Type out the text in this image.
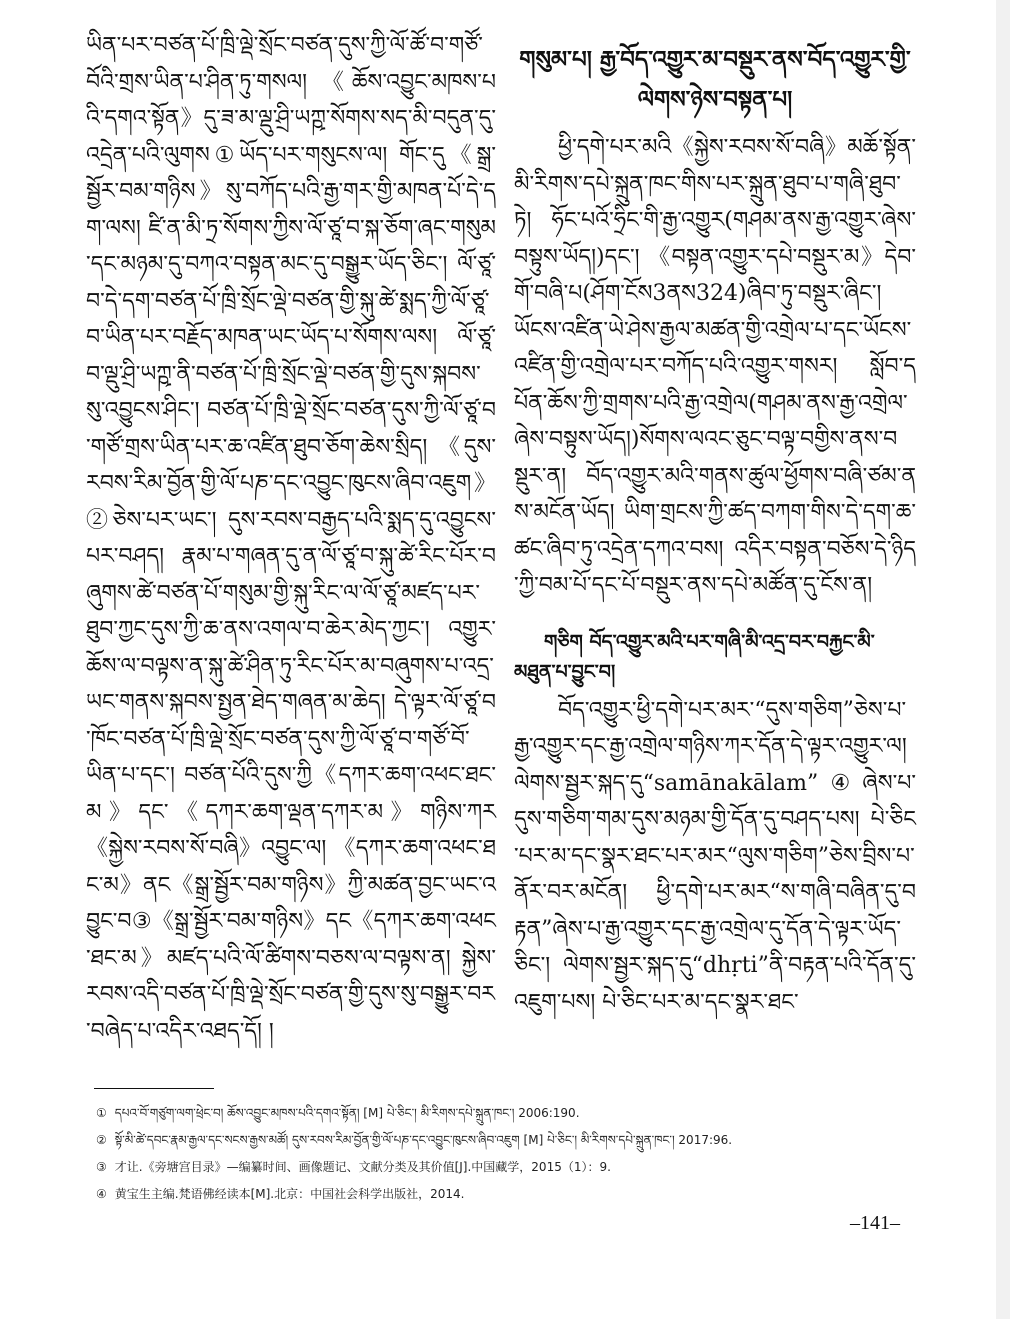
ཡིན་པར་བཙན་པོ་ཁྲི་ལྡེ་སྲོང་བཙན་དུས་ཀྱི་ལོ་ཚོ་བ་གཙོ་བོའི་གྲས་ཡིན་པ་ཤིན་ཏུ་གསལ། 《ཆོས་འབྱུང་མཁས་པའི་དགའ་སྟོན》དུ་ཟ་མ་ལྡུ་ཤྲི་ཡཀྵ་སོགས་སད་མི་བདུན་དུ་འདྲེན་པའི་ལུགས①ཡོད་པར་གསུངས་ལ། གོང་དུ《སྒྲ་སྦྱོར་བམ་གཉིས》སུ་བཀོད་པའི་རྒྱ་གར་གྱི་མཁན་པོ་དེ་དག་ལས། ཛི་ན་མི་ཏྲ་སོགས་ཀྱིས་ལོ་ཙཱ་བ་སྐ་ཅོག་ཞང་གསུམ་དང་མཉམ་དུ་བཀའ་བསྟན་མང་དུ་བསྒྱུར་ཡོད་ཅིང་། ལོ་ཙཱ་བ་དེ་དག་བཙན་པོ་ཁྲི་སྲོང་ལྡེ་བཙན་གྱི་སྐུ་ཚེ་སྨད་ཀྱི་ལོ་ཙཱ་བ་ཡིན་པར་བརྗོད་མཁན་ཡང་ཡོད་པ་སོགས་ལས། ལོ་ཙཱ་བ་ལྡུ་ཤྲི་ཡཀྵ་ནི་བཙན་པོ་ཁྲི་སྲོང་ལྡེ་བཙན་གྱི་དུས་སྐབས་སུ་འབྱུངས་ཤིང་། བཙན་པོ་ཁྲི་ལྡེ་སྲོང་བཙན་དུས་ཀྱི་ལོ་ཙཱ་བ་གཙོ་གྲས་ཡིན་པར་ཆ་འཛིན་ཐུབ་ཅོག་ཆེས་སྲིད། 《དུས་རབས་རིམ་བྱོན་གྱི་ལོ་པཎ་དང་འབྱུང་ཁུངས་ཞིབ་འཇུག》②ཅེས་པར་ཡང་། དུས་རབས་བརྒྱད་པའི་སྨད་དུ་འབྱུངས་པར་བཤད། རྣམ་པ་གཞན་དུ་ན་ལོ་ཙཱ་བ་སྐུ་ཚེ་རིང་པོར་བཞུགས་ཚེ་བཙན་པོ་གསུམ་གྱི་སྐུ་རིང་ལ་ལོ་ཙཱ་མཛད་པར་ཐུབ་ཀྱང་དུས་ཀྱི་ཆ་ནས་འགལ་བ་ཆེར་མེད་ཀྱང་། འགྱུར་ཆོས་ལ་བལྟས་ན་སྐུ་ཚེ་ཤིན་ཏུ་རིང་པོར་མ་བཞུགས་པ་འདྲ་ཡང་གནས་སྐབས་སྤྱན་ཐེད་གཞན་མ་ཆེད། དེ་ལྟར་ལོ་ཙཱ་བ་ཁོང་བཙན་པོ་ཁྲི་ལྡེ་སྲོང་བཙན་དུས་ཀྱི་ལོ་ཙཱ་བ་གཙོ་བོ་ཡིན་པ་དང་། བཙན་པོའི་དུས་ཀྱི《དཀར་ཆག་འཕང་ཐང་མ》དང་《དཀར་ཆག་ལྡན་དཀར་མ》གཉིས་ཀར《སྐྱེས་རབས་སོ་བཞི》འབྱུང་ལ། 《དཀར་ཆག་འཕང་ཐང་མ》ནང《སྒྲ་སྦྱོར་བམ་གཉིས》ཀྱི་མཚན་བྱང་ཡང་འབྱུང་བ③《སྒྲ་སྦྱོར་བམ་གཉིས》དང《དཀར་ཆག་འཕང་ཐང་མ》མཛད་པའི་ལོ་ཚིགས་བཅས་ལ་བལྟས་ན། སྐྱེས་རབས་འདི་བཙན་པོ་ཁྲི་ལྡེ་སྲོང་བཙན་གྱི་དུས་སུ་བསྒྱུར་བར་བཞེད་པ་འདིར་འཐད་དོ། །

གསུམ་པ། རྒྱ་བོད་འགྱུར་མ་བསྡུར་ནས་བོད་འགྱུར་གྱི་ལེགས་ཉེས་བསྟན་པ།

ཕྱི་དགེ་པར་མའི《སྐྱེས་རབས་སོ་བཞི》མཆོ་སྟོན་མི་རིགས་དཔེ་སྐྲུན་ཁང་གིས་པར་སྐྲུན་ཐུབ་པ་གཞི་ཐུབ་ཏེ། ཧོང་པའོ་ཧྲིང་གི་རྒྱ་འགྱུར(གཤམ་ནས་རྒྱ་འགྱུར་ཞེས་བསྟུས་ཡོད།)དང་། 《བསྟན་འགྱུར་དཔེ་བསྡུར་མ》དེབ་གོ་བཞི་པ(ཤོག་ངོས3ནས324)ཞིབ་ཏུ་བསྡུར་ཞིང་། ཡོངས་འཛིན་ཡེ་ཤེས་རྒྱལ་མཚན་གྱི་འགྲེལ་པ་དང་ཡོངས་འཛིན་གྱི་འགྲེལ་པར་བཀོད་པའི་འགྱུར་གསར། སློབ་དཔོན་ཆོས་ཀྱི་གྲགས་པའི་རྒྱ་འགྲེལ(གཤམ་ནས་རྒྱ་འགྲེལ་ཞེས་བསྟུས་ཡོད།)སོགས་ལའང་ཅུང་བལྟ་བགྱིས་ནས་བསྡུར་ན། བོད་འགྱུར་མའི་གནས་ཚུལ་ཕྱོགས་བཞི་ཙམ་ནས་མངོན་ཡོད། ཡིག་གྲངས་ཀྱི་ཚད་བཀག་གིས་དེ་དག་ཆ་ཚང་ཞིབ་ཏུ་འདྲེན་དཀའ་བས། འདིར་བསྟན་བཅོས་དེ་ཉིད་ཀྱི་བམ་པོ་དང་པོ་བསྡུར་ནས་དཔེ་མཚོན་དུ་ངོས་ན།

གཅིག བོད་འགྱུར་མའི་པར་གཞི་མི་འདྲ་བར་བརྐྱང་མི་མཐུན་པ་བྱུང་བ།

བོད་འགྱུར་ཕྱི་དགེ་པར་མར་“དུས་གཅིག”ཅེས་པ་རྒྱ་འགྱུར་དང་རྒྱ་འགྲེལ་གཉིས་ཀར་དོན་དེ་ལྟར་འགྱུར་ལ། ལེགས་སྦྱར་སྐད་དུ“samānakālam”④ཞེས་པ་དུས་གཅིག་གམ་དུས་མཉམ་གྱི་དོན་དུ་བཤད་པས། པེ་ཅིང་པར་མ་དང་སྣར་ཐང་པར་མར“ལུས་གཅིག”ཅེས་བྲིས་པ་ནོར་བར་མངོན། ཕྱི་དགེ་པར་མར“ས་གཞི་བཞིན་དུ་བརྟན”ཞེས་པ་རྒྱ་འགྱུར་དང་རྒྱ་འགྲེལ་དུ་དོན་དེ་ལྟར་ཡོད་ཅིང་། ལེགས་སྦྱར་སྐད་དུ“dhṛti”ནི་བརྟན་པའི་དོན་དུ་འཇུག་པས། པེ་ཅིང་པར་མ་དང་སྣར་ཐང་

① དཔའ་བོ་གཙུག་ལག་ཕྲེང་བ། ཆོས་འབྱུང་མཁས་པའི་དགའ་སྟོན། [M] པེ་ཅིང་། མི་རིགས་དཔེ་སྐྲུན་ཁང་། 2006:190.
② སྟོ་མི་ཚེ་དབང་རྣམ་རྒྱལ་དང་སངས་རྒྱས་མཚོ། དུས་རབས་རིམ་བྱོན་གྱི་ལོ་པཎ་དང་འབྱུང་ཁུངས་ཞིབ་འཇུག [M] པེ་ཅིང་། མི་རིགས་དཔེ་སྐྲུན་ཁང་། 2017:96.
③ 才让.《旁塘宫目录》—编纂时间、画像题记、文献分类及其价值[J].中国藏学，2015（1）：9.
④ 黄宝生主编.梵语佛经读本[M].北京：中国社会科学出版社，2014.
–141–
